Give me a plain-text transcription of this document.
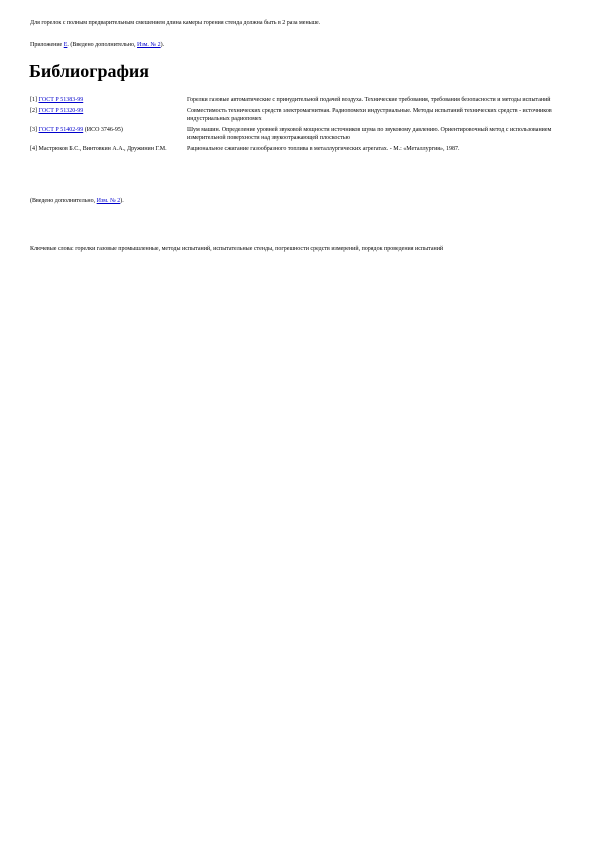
Для горелок с полным предварительным смешением длина камеры горения стенда должна быть в 2 раза меньше.
Приложение Е. (Введено дополнительно, Изм. № 2).
Библиография
[1] ГОСТ Р 51383-99	Горелки газовые автоматические с принудительной подачей воздуха. Технические требования, требования безопасности и методы испытаний
[2] ГОСТ Р 51320-99	Совместимость технических средств электромагнитная. Радиопомехи индустриальные. Методы испытаний технических средств - источников индустриальных радиопомех
[3] ГОСТ Р 51402-99 (ИСО 3746-95)	Шум машин. Определение уровней звуковой мощности источников шума по звуковому давлению. Ориентировочный метод с использованием измерительной поверхности над звукоотражающей плоскостью
[4] Мастрюков Б.С., Винтовкин А.А., Дружинин Г.М.	Рациональное сжигание газообразного топлива в металлургических агрегатах. - М.: «Металлургия», 1987.
(Введено дополнительно, Изм. № 2).
Ключевые слова: горелки газовые промышленные, методы испытаний, испытательные стенды, погрешности средств измерений, порядок проведения испытаний
